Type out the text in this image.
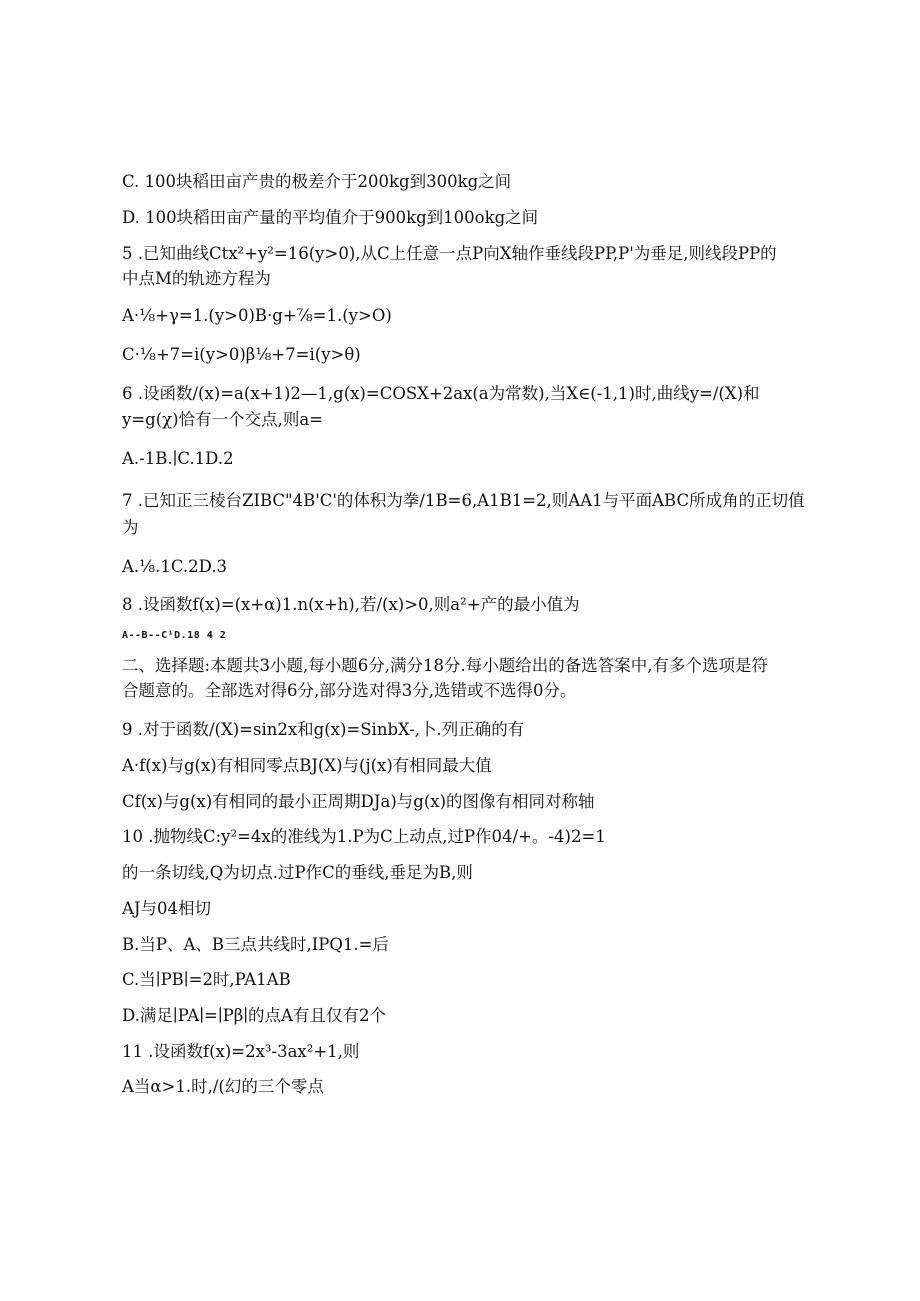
C. 100块稻田亩产贵的极差介于200kg到300kg之间
D. 100块稻田亩产量的平均值介于900kg到100okg之间
5 .已知曲线Ctx²+y²=16(y>0),从C上任意一点P向X轴作垂线段PP,P'为垂足,则线段PP的
中点M的轨迹方程为
A·⅛+γ=1.(y>0)B·g+⅞=1.(y>O)
C·⅛+7=i(y>0)β⅛+7=i(y>θ)
6 .设函数/(x)=a(x+1)2—1,g(x)=COSX+2ax(a为常数),当X∈(-1,1)时,曲线y=/(X)和
y=g(χ)恰有一个交点,则a=
A.-1B.∣C.1D.2
7 .已知正三棱台ZIBC"4B'C'的体积为拳/1B=6,A1B1=2,则AA1与平面ABC所成角的正切值
为
A.⅛.1C.2D.3
8 .设函数f(x)=(x+α)1.n(x+h),若/(x)>0,则a²+产的最小值为
A--B--C¹D.18 4 2
二、选择题:本题共3小题,每小题6分,满分18分.每小题给出的备选答案中,有多个选项是符
合题意的。全部选对得6分,部分选对得3分,选错或不选得0分。
9 .对于函数/(X)=sin2x和g(x)=SinbX-,卜.列正确的有
A·f(x)与g(x)有相同零点BJ(X)与(j(x)有相同最大值
Cf(x)与g(x)有相同的最小正周期DJa)与g(x)的图像有相同对称轴
10 .抛物线C:y²=4x的准线为1.P为C上动点,过P作04/+。-4)2=1
的一条切线,Q为切点.过P作C的垂线,垂足为B,则
AJ与04相切
B.当P、A、B三点共线时,IPQ1.=后
C.当∣PB∣=2时,PA1AB
D.满足∣PA∣=∣Pβ∣的点A有且仅有2个
11 .设函数f(x)=2x³-3ax²+1,则
A当α>1.时,/(幻的三个零点
